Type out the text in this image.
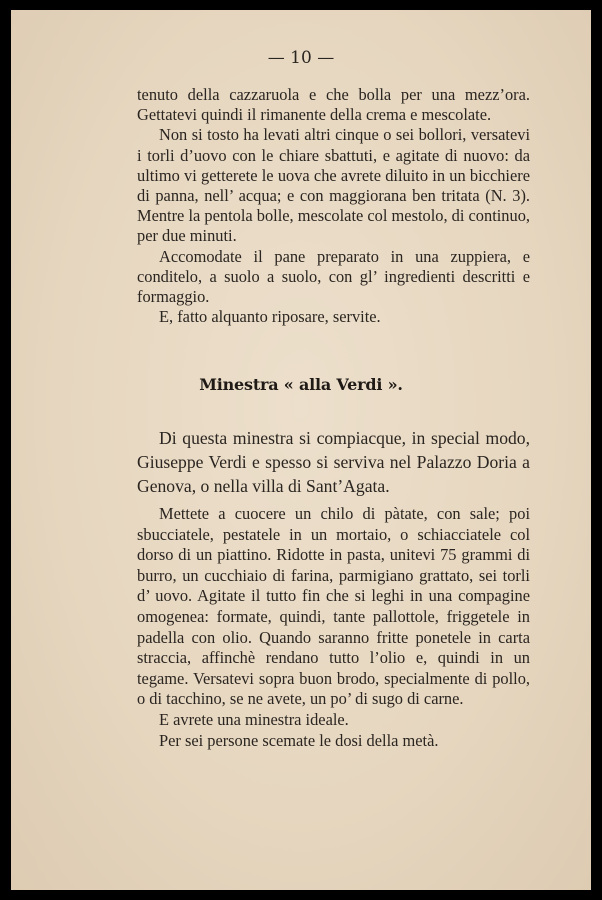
— 10 —

tenuto della cazzaruola e che bolla per una mezz’ora. Gettatevi quindi il rimanente della crema e mescolate.

Non si tosto ha levati altri cinque o sei bollori, versatevi i torli d’uovo con le chiare sbattuti, e agitate di nuovo: da ultimo vi getterete le uova che avrete diluito in un bicchiere di panna, nell’ acqua; e con maggiorana ben tritata (N. 3). Mentre la pentola bolle, mescolate col mestolo, di continuo, per due minuti.

Accomodate il pane preparato in una zuppiera, e conditelo, a suolo a suolo, con gl’ ingredienti descritti e formaggio.

E, fatto alquanto riposare, servite.

Minestra « alla Verdi ».

Di questa minestra si compiacque, in special modo, Giuseppe Verdi e spesso si serviva nel Palazzo Doria a Genova, o nella villa di Sant’Agata.

Mettete a cuocere un chilo di pàtate, con sale; poi sbucciatele, pestatele in un mortaio, o schiacciatele col dorso di un piattino. Ridotte in pasta, unitevi 75 grammi di burro, un cucchiaio di farina, parmigiano grattato, sei torli d’ uovo. Agitate il tutto fin che si leghi in una compagine omogenea: formate, quindi, tante pallottole, friggetele in padella con olio. Quando saranno fritte ponetele in carta straccia, affinchè rendano tutto l’olio e, quindi in un tegame. Versatevi sopra buon brodo, specialmente di pollo, o di tacchino, se ne avete, un po’ di sugo di carne.

E avrete una minestra ideale.

Per sei persone scemate le dosi della metà.
